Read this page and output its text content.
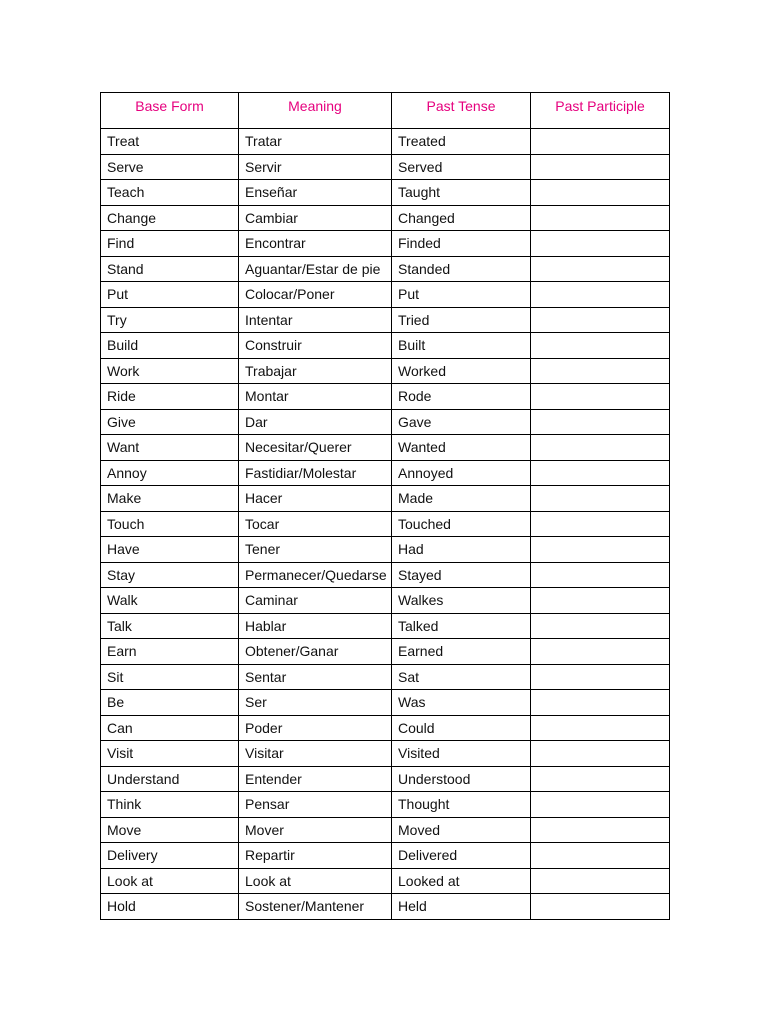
Base Form	Meaning	Past Tense	Past Participle
Treat	Tratar	Treated	
Serve	Servir	Served	
Teach	Enseñar	Taught	
Change	Cambiar	Changed	
Find	Encontrar	Finded	
Stand	Aguantar/Estar de pie	Standed	
Put	Colocar/Poner	Put	
Try	Intentar	Tried	
Build	Construir	Built	
Work	Trabajar	Worked	
Ride	Montar	Rode	
Give	Dar	Gave	
Want	Necesitar/Querer	Wanted	
Annoy	Fastidiar/Molestar	Annoyed	
Make	Hacer	Made	
Touch	Tocar	Touched	
Have	Tener	Had	
Stay	Permanecer/Quedarse	Stayed	
Walk	Caminar	Walkes	
Talk	Hablar	Talked	
Earn	Obtener/Ganar	Earned	
Sit	Sentar	Sat	
Be	Ser	Was	
Can	Poder	Could	
Visit	Visitar	Visited	
Understand	Entender	Understood	
Think	Pensar	Thought	
Move	Mover	Moved	
Delivery	Repartir	Delivered	
Look at	Look at	Looked at	
Hold	Sostener/Mantener	Held	
